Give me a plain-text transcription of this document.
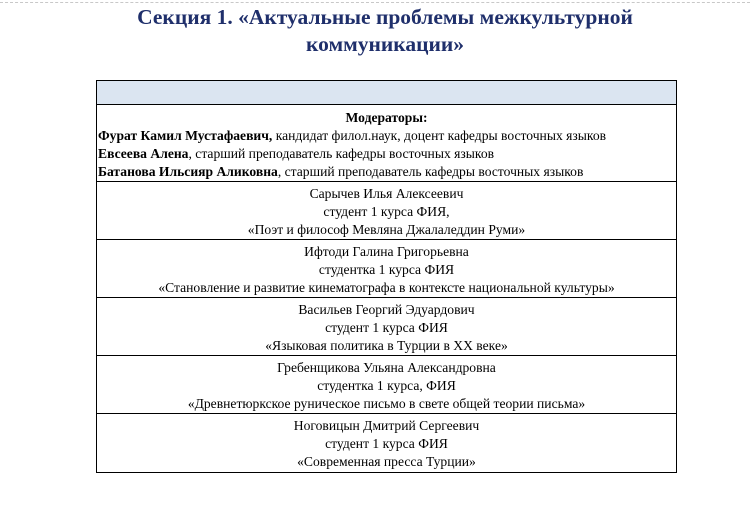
Секция 1. «Актуальные проблемы межкультурной
коммуникации»

Модераторы:
Фурат Камил Мустафаевич, кандидат филол.наук, доцент кафедры восточных языков
Евсеева Алена, старший преподаватель кафедры восточных языков
Батанова Ильсияр Аликовна, старший преподаватель кафедры восточных языков

Сарычев Илья Алексеевич
студент 1 курса ФИЯ,
«Поэт и философ Мевляна Джалаледдин Руми»

Ифтоди Галина Григорьевна
студентка 1 курса ФИЯ
«Становление и развитие кинематографа в контексте национальной культуры»

Васильев Георгий Эдуардович
студент 1 курса ФИЯ
«Языковая политика в Турции в ХХ веке»

Гребенщикова Ульяна Александровна
студентка 1 курса, ФИЯ
«Древнетюркское руническое письмо в свете общей теории письма»

Ноговицын Дмитрий Сергеевич
студент 1 курса ФИЯ
«Современная пресса Турции»
